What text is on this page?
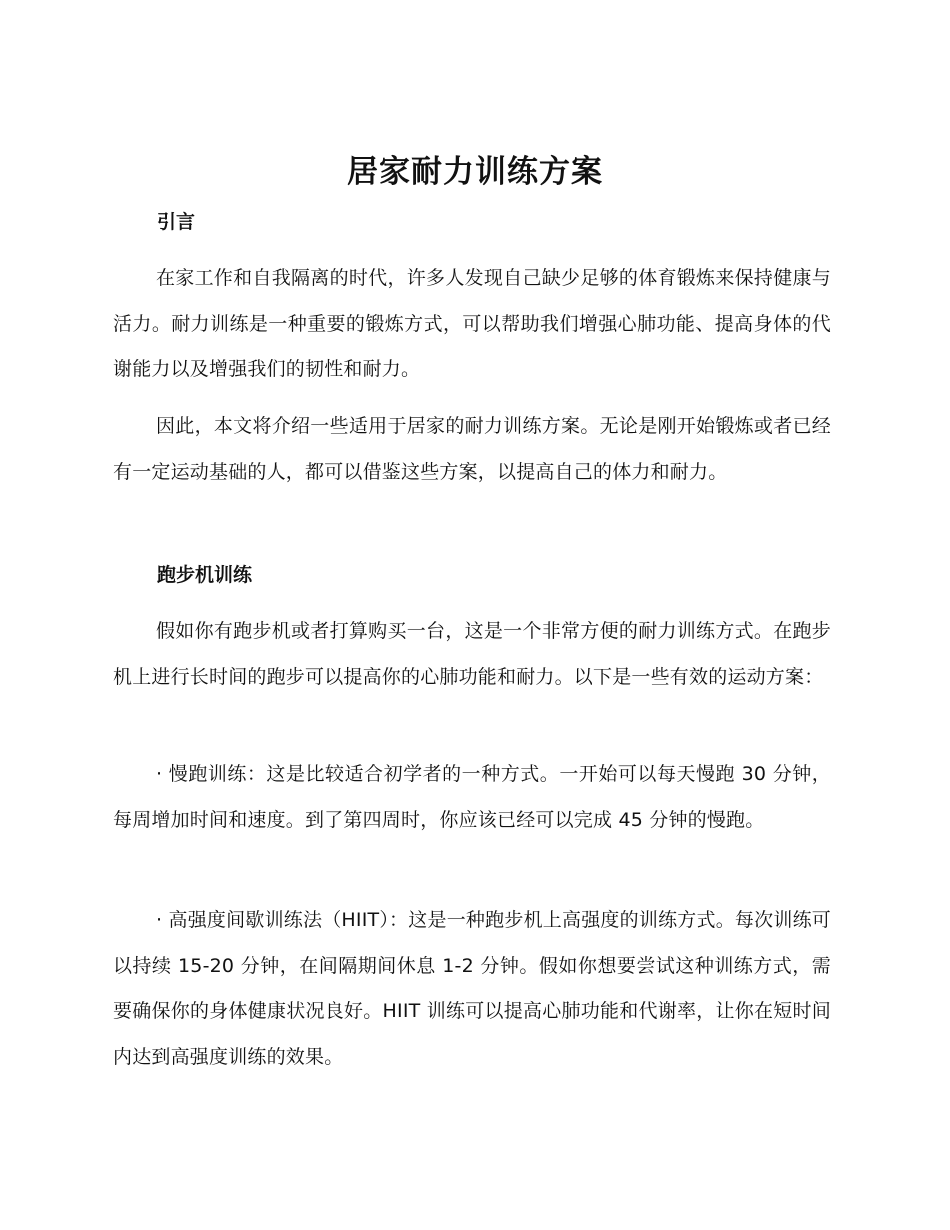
居家耐力训练方案
引言

在家工作和自我隔离的时代，许多人发现自己缺少足够的体育锻炼来保持健康与活力。耐力训练是一种重要的锻炼方式，可以帮助我们增强心肺功能、提高身体的代谢能力以及增强我们的韧性和耐力。

因此，本文将介绍一些适用于居家的耐力训练方案。无论是刚开始锻炼或者已经有一定运动基础的人，都可以借鉴这些方案，以提高自己的体力和耐力。

跑步机训练

假如你有跑步机或者打算购买一台，这是一个非常方便的耐力训练方式。在跑步机上进行长时间的跑步可以提高你的心肺功能和耐力。以下是一些有效的运动方案：

· 慢跑训练：这是比较适合初学者的一种方式。一开始可以每天慢跑 30 分钟，每周增加时间和速度。到了第四周时，你应该已经可以完成 45 分钟的慢跑。

· 高强度间歇训练法（HIIT）：这是一种跑步机上高强度的训练方式。每次训练可以持续 15-20 分钟，在间隔期间休息 1-2 分钟。假如你想要尝试这种训练方式，需要确保你的身体健康状况良好。HIIT 训练可以提高心肺功能和代谢率，让你在短时间内达到高强度训练的效果。
